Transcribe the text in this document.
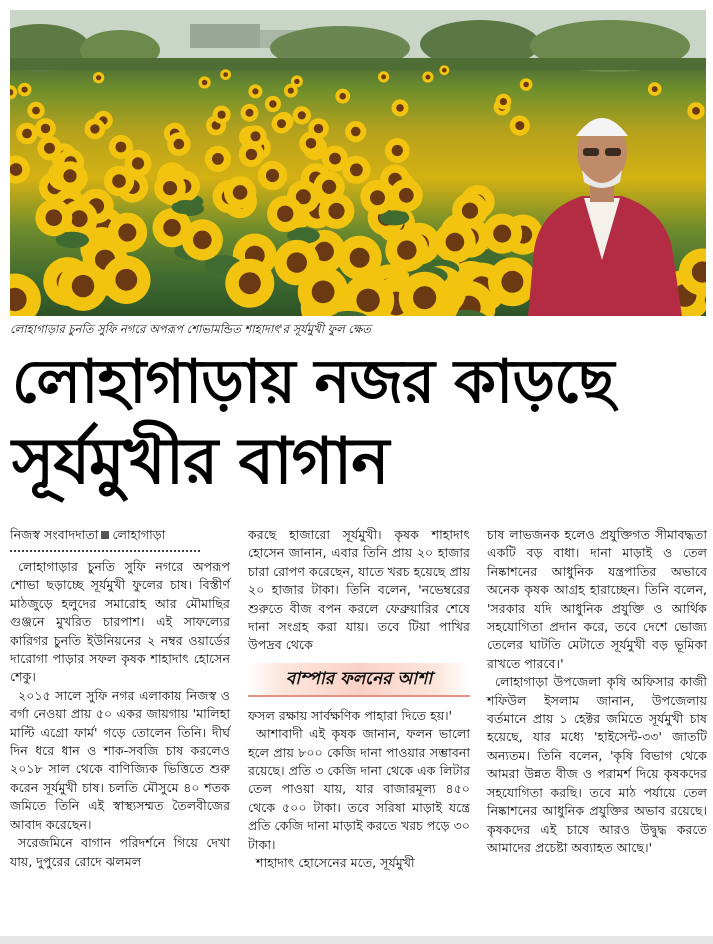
লোহাগাড়ার চুনতি সুফি নগরে অপরূপ শোভামন্ডিত শাহাদাৎ'র সূর্যমুখী ফুল ক্ষেত
লোহাগাড়ায় নজর কাড়ছে
সূর্যমুখীর বাগান
নিজস্ব সংবাদদাতা লোহাগাড়া

লোহাগাড়ার চুনতি সুফি নগরে অপরূপ শোভা ছড়াচ্ছে সূর্যমুখী ফুলের চাষ। বিস্তীর্ণ মাঠজুড়ে হলুদের সমারোহ আর মৌমাছির গুঞ্জনে মুখরিত চারপাশ। এই সাফল্যের কারিগর চুনতি ইউনিয়নের ২ নম্বর ওয়ার্ডের দারোগা পাড়ার সফল কৃষক শাহাদাৎ হোসেন শেকু।

২০১৫ সালে সুফি নগর এলাকায় নিজস্ব ও বর্গা নেওয়া প্রায় ৫০ একর জায়গায় 'মালিহা মাল্টি এগ্রো ফার্ম' গড়ে তোলেন তিনি। দীর্ঘ দিন ধরে ধান ও শাক-সবজি চাষ করলেও ২০১৮ সাল থেকে বাণিজ্যিক ভিত্তিতে শুরু করেন সূর্যমুখী চাষ। চলতি মৌসুমে ৪০ শতক জমিতে তিনি এই স্বাস্থ্যসম্মত তৈলবীজের আবাদ করেছেন।

সরেজমিনে বাগান পরিদর্শনে গিয়ে দেখা যায়, দুপুরের রোদে ঝলমল

করছে হাজারো সূর্যমুখী। কৃষক শাহাদাৎ হোসেন জানান, এবার তিনি প্রায় ২০ হাজার চারা রোপণ করেছেন, যাতে খরচ হয়েছে প্রায় ২০ হাজার টাকা। তিনি বলেন, 'নভেম্বরের শুরুতে বীজ বপন করলে ফেব্রুয়ারির শেষে দানা সংগ্রহ করা যায়। তবে টিয়া পাখির উপদ্রব থেকে

বাম্পার ফলনের আশা

ফসল রক্ষায় সার্বক্ষণিক পাহারা দিতে হয়।'

আশাবাদী এই কৃষক জানান, ফলন ভালো হলে প্রায় ৮০০ কেজি দানা পাওয়ার সম্ভাবনা রয়েছে। প্রতি ৩ কেজি দানা থেকে এক লিটার তেল পাওয়া যায়, যার বাজারমূল্য ৪৫০ থেকে ৫০০ টাকা। তবে সরিষা মাড়াই যন্ত্রে প্রতি কেজি দানা মাড়াই করতে খরচ পড়ে ৩০ টাকা।

শাহাদাৎ হোসেনের মতে, সূর্যমুখী

চাষ লাভজনক হলেও প্রযুক্তিগত সীমাবদ্ধতা একটি বড় বাধা। দানা মাড়াই ও তেল নিষ্কাশনের আধুনিক যন্ত্রপাতির অভাবে অনেক কৃষক আগ্রহ হারাচ্ছেন। তিনি বলেন, 'সরকার যদি আধুনিক প্রযুক্তি ও আর্থিক সহযোগিতা প্রদান করে, তবে দেশে ভোজ্য তেলের ঘাটতি মেটাতে সূর্যমুখী বড় ভূমিকা রাখতে পারবে।'

লোহাগাড়া উপজেলা কৃষি অফিসার কাজী শফিউল ইসলাম জানান, উপজেলায় বর্তমানে প্রায় ১ হেক্টর জমিতে সূর্যমুখী চাষ হয়েছে, যার মধ্যে 'হাইসেন্ট-৩৩' জাতটি অন্যতম। তিনি বলেন, 'কৃষি বিভাগ থেকে আমরা উন্নত বীজ ও পরামর্শ দিয়ে কৃষকদের সহযোগিতা করছি। তবে মাঠ পর্যায়ে তেল নিষ্কাশনের আধুনিক প্রযুক্তির অভাব রয়েছে। কৃষকদের এই চাষে আরও উদ্বুদ্ধ করতে আমাদের প্রচেষ্টা অব্যাহত আছে।'
